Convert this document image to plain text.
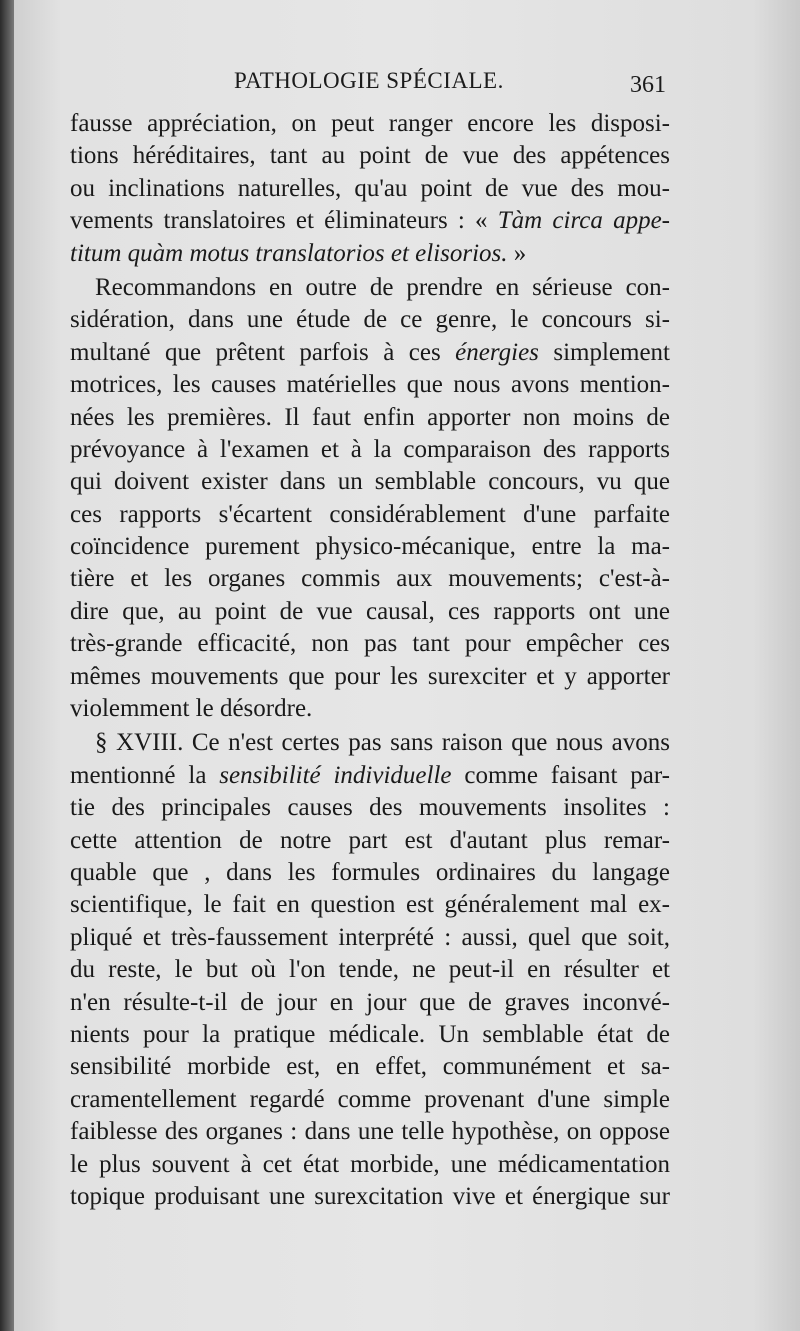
PATHOLOGIE SPÉCIALE.	361
fausse appréciation, on peut ranger encore les disposi-
tions héréditaires, tant au point de vue des appétences
ou inclinations naturelles, qu'au point de vue des mou-
vements translatoires et éliminateurs : « Tàm circa appe-
titum quàm motus translatorios et elisorios. »
Recommandons en outre de prendre en sérieuse con-
sidération, dans une étude de ce genre, le concours si-
multané que prêtent parfois à ces énergies simplement
motrices, les causes matérielles que nous avons mention-
nées les premières. Il faut enfin apporter non moins de
prévoyance à l'examen et à la comparaison des rapports
qui doivent exister dans un semblable concours, vu que
ces rapports s'écartent considérablement d'une parfaite
coïncidence purement physico-mécanique, entre la ma-
tière et les organes commis aux mouvements; c'est-à-
dire que, au point de vue causal, ces rapports ont une
très-grande efficacité, non pas tant pour empêcher ces
mêmes mouvements que pour les surexciter et y apporter
violemment le désordre.
§ XVIII. Ce n'est certes pas sans raison que nous avons
mentionné la sensibilité individuelle comme faisant par-
tie des principales causes des mouvements insolites :
cette attention de notre part est d'autant plus remar-
quable que , dans les formules ordinaires du langage
scientifique, le fait en question est généralement mal ex-
pliqué et très-faussement interprété : aussi, quel que soit,
du reste, le but où l'on tende, ne peut-il en résulter et
n'en résulte-t-il de jour en jour que de graves inconvé-
nients pour la pratique médicale. Un semblable état de
sensibilité morbide est, en effet, communément et sa-
cramentellement regardé comme provenant d'une simple
faiblesse des organes : dans une telle hypothèse, on oppose
le plus souvent à cet état morbide, une médicamentation
topique produisant une surexcitation vive et énergique sur
